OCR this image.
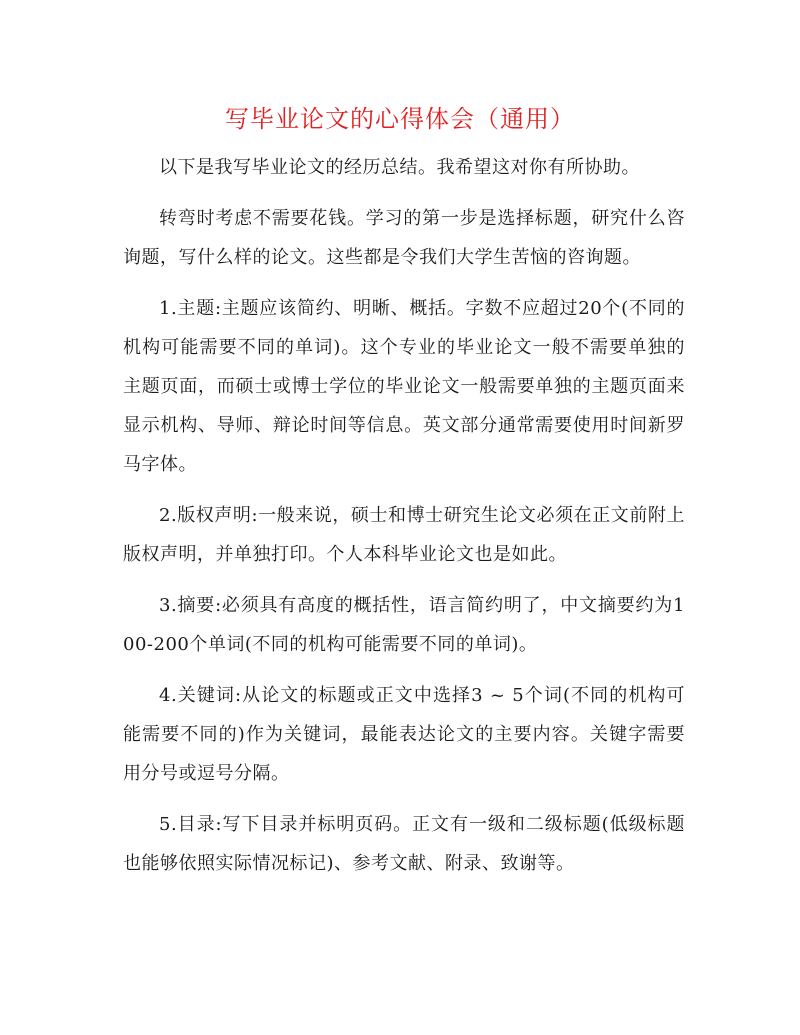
写毕业论文的心得体会（通用）

以下是我写毕业论文的经历总结。我希望这对你有所协助。

转弯时考虑不需要花钱。学习的第一步是选择标题，研究什么咨询题，写什么样的论文。这些都是令我们大学生苦恼的咨询题。

1.主题:主题应该简约、明晰、概括。字数不应超过20个(不同的机构可能需要不同的单词)。这个专业的毕业论文一般不需要单独的主题页面，而硕士或博士学位的毕业论文一般需要单独的主题页面来显示机构、导师、辩论时间等信息。英文部分通常需要使用时间新罗马字体。

2.版权声明:一般来说，硕士和博士研究生论文必须在正文前附上版权声明，并单独打印。个人本科毕业论文也是如此。

3.摘要:必须具有高度的概括性，语言简约明了，中文摘要约为100-200个单词(不同的机构可能需要不同的单词)。

4.关键词:从论文的标题或正文中选择3 ~ 5个词(不同的机构可能需要不同的)作为关键词，最能表达论文的主要内容。关键字需要用分号或逗号分隔。

5.目录:写下目录并标明页码。正文有一级和二级标题(低级标题也能够依照实际情况标记)、参考文献、附录、致谢等。
